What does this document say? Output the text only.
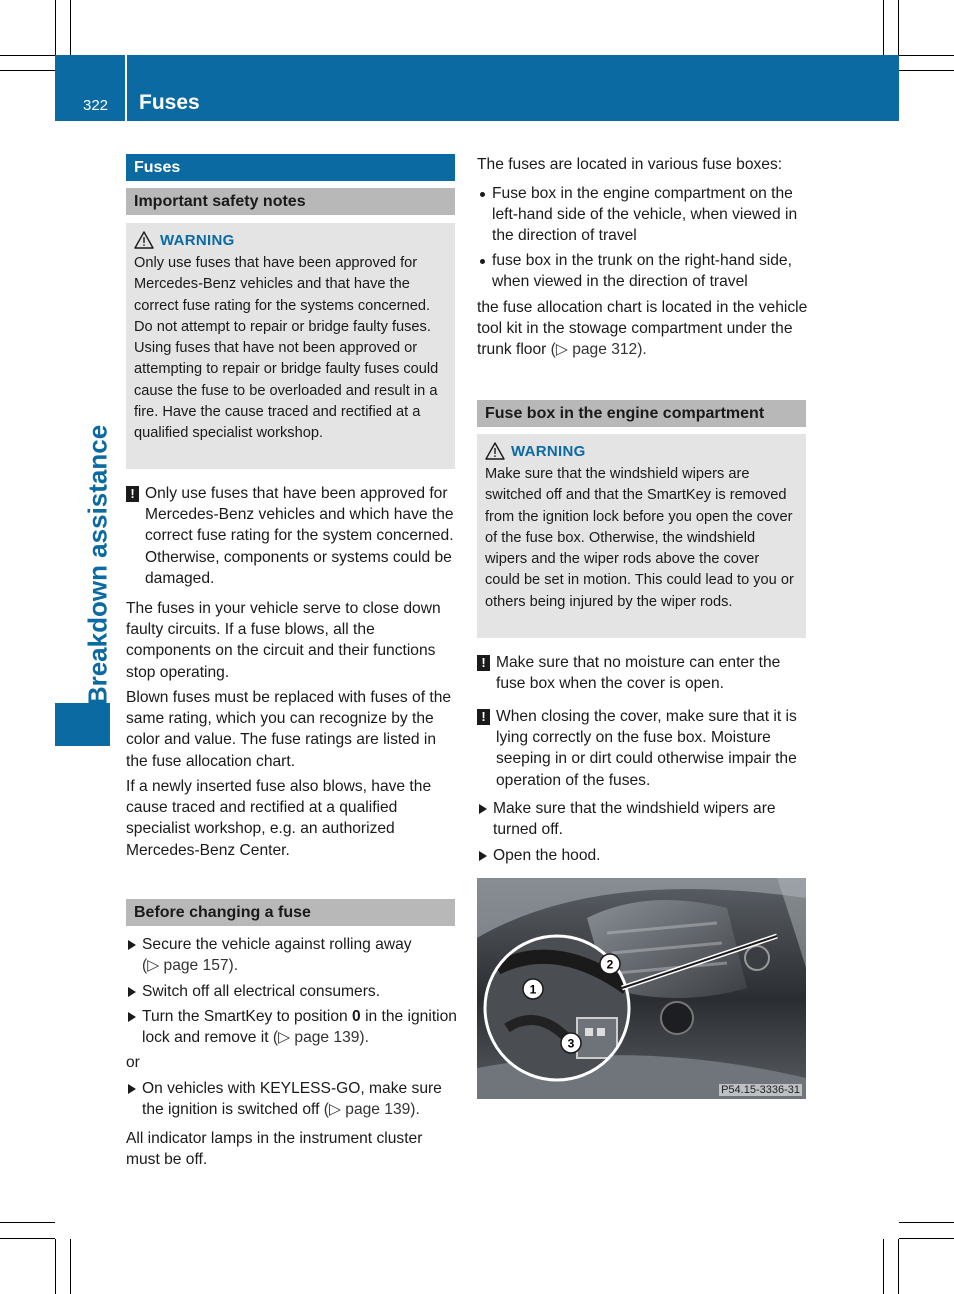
322 Fuses
Breakdown assistance
Fuses
Important safety notes
WARNING

Only use fuses that have been approved for Mercedes-Benz vehicles and that have the correct fuse rating for the systems concerned. Do not attempt to repair or bridge faulty fuses. Using fuses that have not been approved or attempting to repair or bridge faulty fuses could cause the fuse to be overloaded and result in a fire. Have the cause traced and rectified at a qualified specialist workshop.

! Only use fuses that have been approved for Mercedes-Benz vehicles and which have the correct fuse rating for the system concerned. Otherwise, components or systems could be damaged.

The fuses in your vehicle serve to close down faulty circuits. If a fuse blows, all the components on the circuit and their functions stop operating.

Blown fuses must be replaced with fuses of the same rating, which you can recognize by the color and value. The fuse ratings are listed in the fuse allocation chart.

If a newly inserted fuse also blows, have the cause traced and rectified at a qualified specialist workshop, e.g. an authorized Mercedes-Benz Center.

Before changing a fuse

Secure the vehicle against rolling away
(▷ page 157).

Switch off all electrical consumers.

Turn the SmartKey to position 0 in the ignition lock and remove it (▷ page 139).

or

On vehicles with KEYLESS-GO, make sure the ignition is switched off (▷ page 139).

All indicator lamps in the instrument cluster must be off.

The fuses are located in various fuse boxes:

Fuse box in the engine compartment on the left-hand side of the vehicle, when viewed in the direction of travel

fuse box in the trunk on the right-hand side, when viewed in the direction of travel

the fuse allocation chart is located in the vehicle tool kit in the stowage compartment under the trunk floor (▷ page 312).

Fuse box in the engine compartment
WARNING

Make sure that the windshield wipers are switched off and that the SmartKey is removed from the ignition lock before you open the cover of the fuse box. Otherwise, the windshield wipers and the wiper rods above the cover could be set in motion. This could lead to you or others being injured by the wiper rods.

! Make sure that no moisture can enter the fuse box when the cover is open.

! When closing the cover, make sure that it is lying correctly on the fuse box. Moisture seeping in or dirt could otherwise impair the operation of the fuses.

Make sure that the windshield wipers are turned off.

Open the hood.

1
2
3
P54.15-3336-31
